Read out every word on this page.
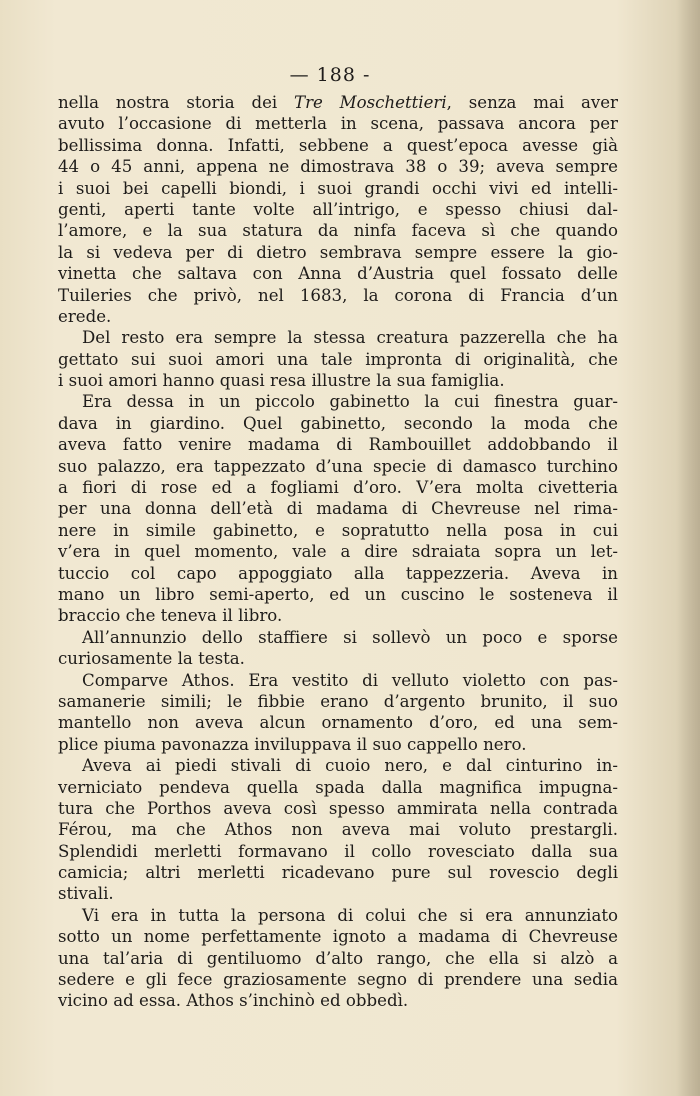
— 188 -
nella nostra storia dei Tre Moschettieri, senza mai aver
avuto l’occasione di metterla in scena, passava ancora per
bellissima donna. Infatti, sebbene a quest’epoca avesse già
44 o 45 anni, appena ne dimostrava 38 o 39; aveva sempre
i suoi bei capelli biondi, i suoi grandi occhi vivi ed intelli-
genti, aperti tante volte all’intrigo, e spesso chiusi dal-
l’amore, e la sua statura da ninfa faceva sì che quando
la si vedeva per di dietro sembrava sempre essere la gio-
vinetta che saltava con Anna d’Austria quel fossato delle
Tuileries che privò, nel 1683, la corona di Francia d’un
erede.
Del resto era sempre la stessa creatura pazzerella che ha
gettato sui suoi amori una tale impronta di originalità, che
i suoi amori hanno quasi resa illustre la sua famiglia.
Era dessa in un piccolo gabinetto la cui finestra guar-
dava in giardino. Quel gabinetto, secondo la moda che
aveva fatto venire madama di Rambouillet addobbando il
suo palazzo, era tappezzato d’una specie di damasco turchino
a fiori di rose ed a fogliami d’oro. V’era molta civetteria
per una donna dell’età di madama di Chevreuse nel rima-
nere in simile gabinetto, e sopratutto nella posa in cui
v’era in quel momento, vale a dire sdraiata sopra un let-
tuccio col capo appoggiato alla tappezzeria. Aveva in
mano un libro semi-aperto, ed un cuscino le sosteneva il
braccio che teneva il libro.
All’annunzio dello staffiere si sollevò un poco e sporse
curiosamente la testa.
Comparve Athos. Era vestito di velluto violetto con pas-
samanerie simili; le fibbie erano d’argento brunito, il suo
mantello non aveva alcun ornamento d’oro, ed una sem-
plice piuma pavonazza inviluppava il suo cappello nero.
Aveva ai piedi stivali di cuoio nero, e dal cinturino in-
verniciato pendeva quella spada dalla magnifica impugna-
tura che Porthos aveva così spesso ammirata nella contrada
Férou, ma che Athos non aveva mai voluto prestargli.
Splendidi merletti formavano il collo rovesciato dalla sua
camicia; altri merletti ricadevano pure sul rovescio degli
stivali.
Vi era in tutta la persona di colui che si era annunziato
sotto un nome perfettamente ignoto a madama di Chevreuse
una tal’aria di gentiluomo d’alto rango, che ella si alzò a
sedere e gli fece graziosamente segno di prendere una sedia
vicino ad essa. Athos s’inchinò ed obbedì.
